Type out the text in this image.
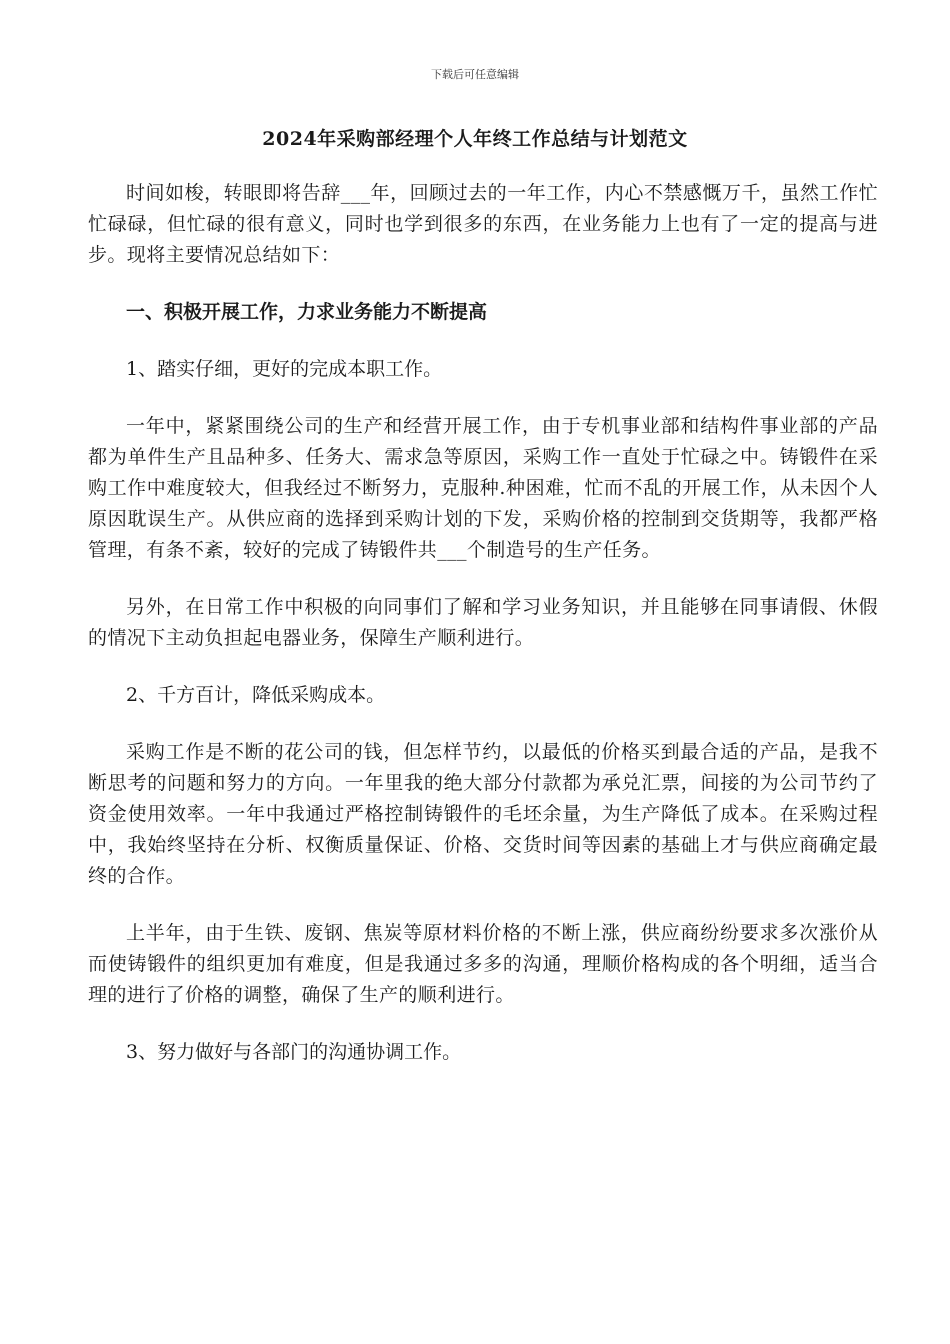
下载后可任意编辑
2024年采购部经理个人年终工作总结与计划范文

时间如梭，转眼即将告辞___年，回顾过去的一年工作，内心不禁感慨万千，虽然工作忙忙碌碌，但忙碌的很有意义，同时也学到很多的东西，在业务能力上也有了一定的提高与进步。现将主要情况总结如下：

一、积极开展工作，力求业务能力不断提高

1、踏实仔细，更好的完成本职工作。

一年中，紧紧围绕公司的生产和经营开展工作，由于专机事业部和结构件事业部的产品都为单件生产且品种多、任务大、需求急等原因，采购工作一直处于忙碌之中。铸锻件在采购工作中难度较大，但我经过不断努力，克服种.种困难，忙而不乱的开展工作，从未因个人原因耽误生产。从供应商的选择到采购计划的下发，采购价格的控制到交货期等，我都严格管理，有条不紊，较好的完成了铸锻件共___个制造号的生产任务。

另外，在日常工作中积极的向同事们了解和学习业务知识，并且能够在同事请假、休假的情况下主动负担起电器业务，保障生产顺利进行。

2、千方百计，降低采购成本。

采购工作是不断的花公司的钱，但怎样节约，以最低的价格买到最合适的产品，是我不断思考的问题和努力的方向。一年里我的绝大部分付款都为承兑汇票，间接的为公司节约了资金使用效率。一年中我通过严格控制铸锻件的毛坯余量，为生产降低了成本。在采购过程中，我始终坚持在分析、权衡质量保证、价格、交货时间等因素的基础上才与供应商确定最终的合作。

上半年，由于生铁、废钢、焦炭等原材料价格的不断上涨，供应商纷纷要求多次涨价从而使铸锻件的组织更加有难度，但是我通过多多的沟通，理顺价格构成的各个明细，适当合理的进行了价格的调整，确保了生产的顺利进行。

3、努力做好与各部门的沟通协调工作。
